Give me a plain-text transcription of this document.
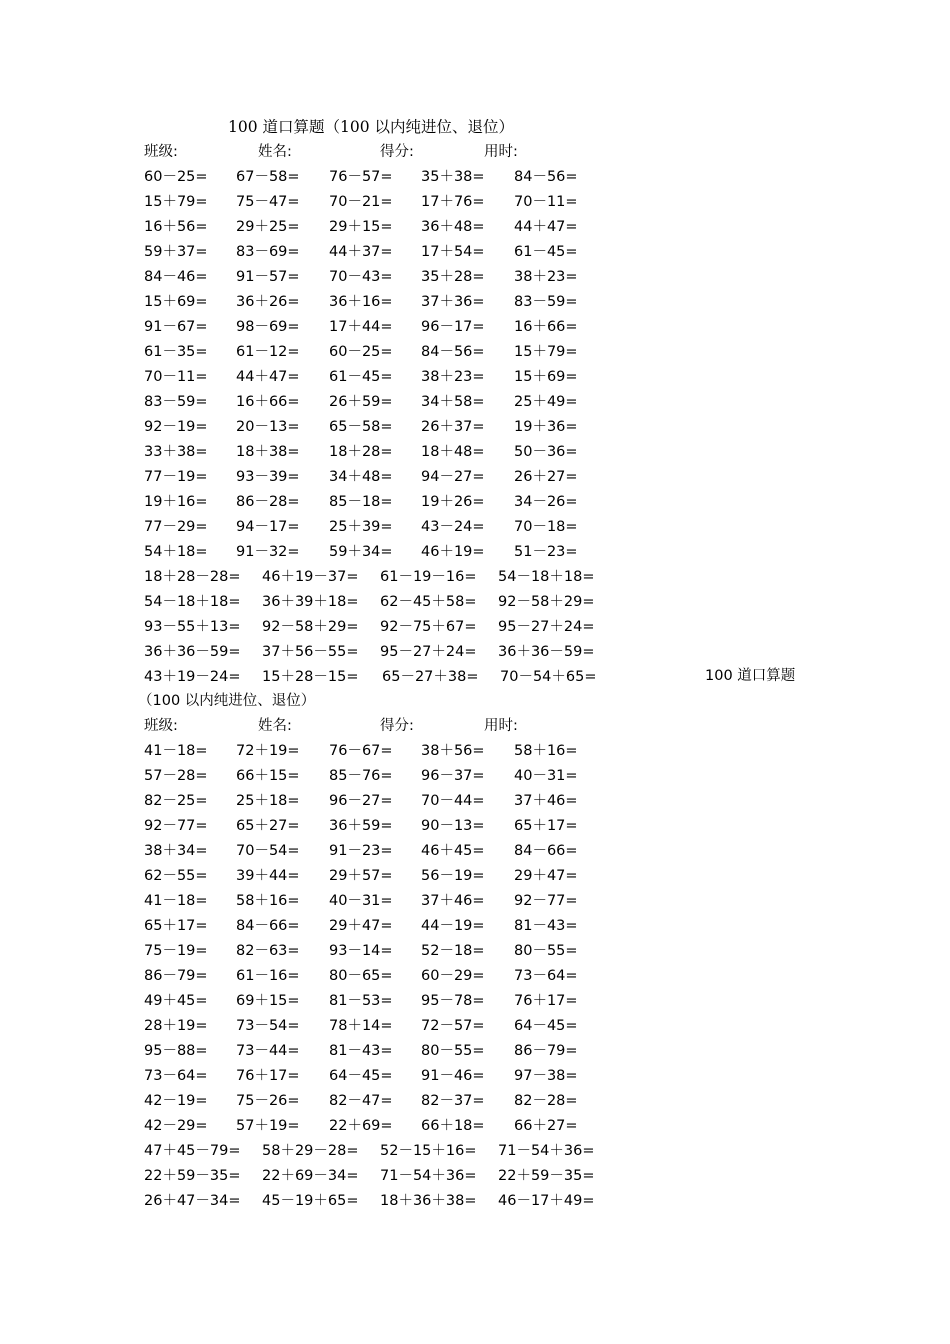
100 道口算题（100 以内纯进位、退位）
班级:	姓名:	得分:	用时:
60－25= 67－58= 76－57= 35＋38= 84－56=
15＋79= 75－47= 70－21= 17＋76= 70－11=
16＋56= 29＋25= 29＋15= 36＋48= 44＋47=
59＋37= 83－69= 44＋37= 17＋54= 61－45=
84－46= 91－57= 70－43= 35＋28= 38＋23=
15＋69= 36＋26= 36＋16= 37＋36= 83－59=
91－67= 98－69= 17＋44= 96－17= 16＋66=
61－35= 61－12= 60－25= 84－56= 15＋79=
70－11= 44＋47= 61－45= 38＋23= 15＋69=
83－59= 16＋66= 26＋59= 34＋58= 25＋49=
92－19= 20－13= 65－58= 26＋37= 19＋36=
33＋38= 18＋38= 18＋28= 18＋48= 50－36=
77－19= 93－39= 34＋48= 94－27= 26＋27=
19＋16= 86－28= 85－18= 19＋26= 34－26=
77－29= 94－17= 25＋39= 43－24= 70－18=
54＋18= 91－32= 59＋34= 46＋19= 51－23=
18＋28－28= 46＋19－37= 61－19－16= 54－18＋18=
54－18＋18= 36＋39＋18= 62－45＋58= 92－58＋29=
93－55＋13= 92－58＋29= 92－75＋67= 95－27＋24=
36＋36－59= 37＋56－55= 95－27＋24= 36＋36－59=
43＋19－24= 15＋28－15= 65－27＋38= 70－54＋65=	100 道口算题
（100 以内纯进位、退位）
班级:	姓名:	得分:	用时:
41－18= 72＋19= 76－67= 38＋56= 58＋16=
57－28= 66＋15= 85－76= 96－37= 40－31=
82－25= 25＋18= 96－27= 70－44= 37＋46=
92－77= 65＋27= 36＋59= 90－13= 65＋17=
38＋34= 70－54= 91－23= 46＋45= 84－66=
62－55= 39＋44= 29＋57= 56－19= 29＋47=
41－18= 58＋16= 40－31= 37＋46= 92－77=
65＋17= 84－66= 29＋47= 44－19= 81－43=
75－19= 82－63= 93－14= 52－18= 80－55=
86－79= 61－16= 80－65= 60－29= 73－64=
49＋45= 69＋15= 81－53= 95－78= 76＋17=
28＋19= 73－54= 78＋14= 72－57= 64－45=
95－88= 73－44= 81－43= 80－55= 86－79=
73－64= 76＋17= 64－45= 91－46= 97－38=
42－19= 75－26= 82－47= 82－37= 82－28=
42－29= 57＋19= 22＋69= 66＋18= 66＋27=
47＋45－79= 58＋29－28= 52－15＋16= 71－54＋36=
22＋59－35= 22＋69－34= 71－54＋36= 22＋59－35=
26＋47－34= 45－19＋65= 18＋36＋38= 46－17＋49=
